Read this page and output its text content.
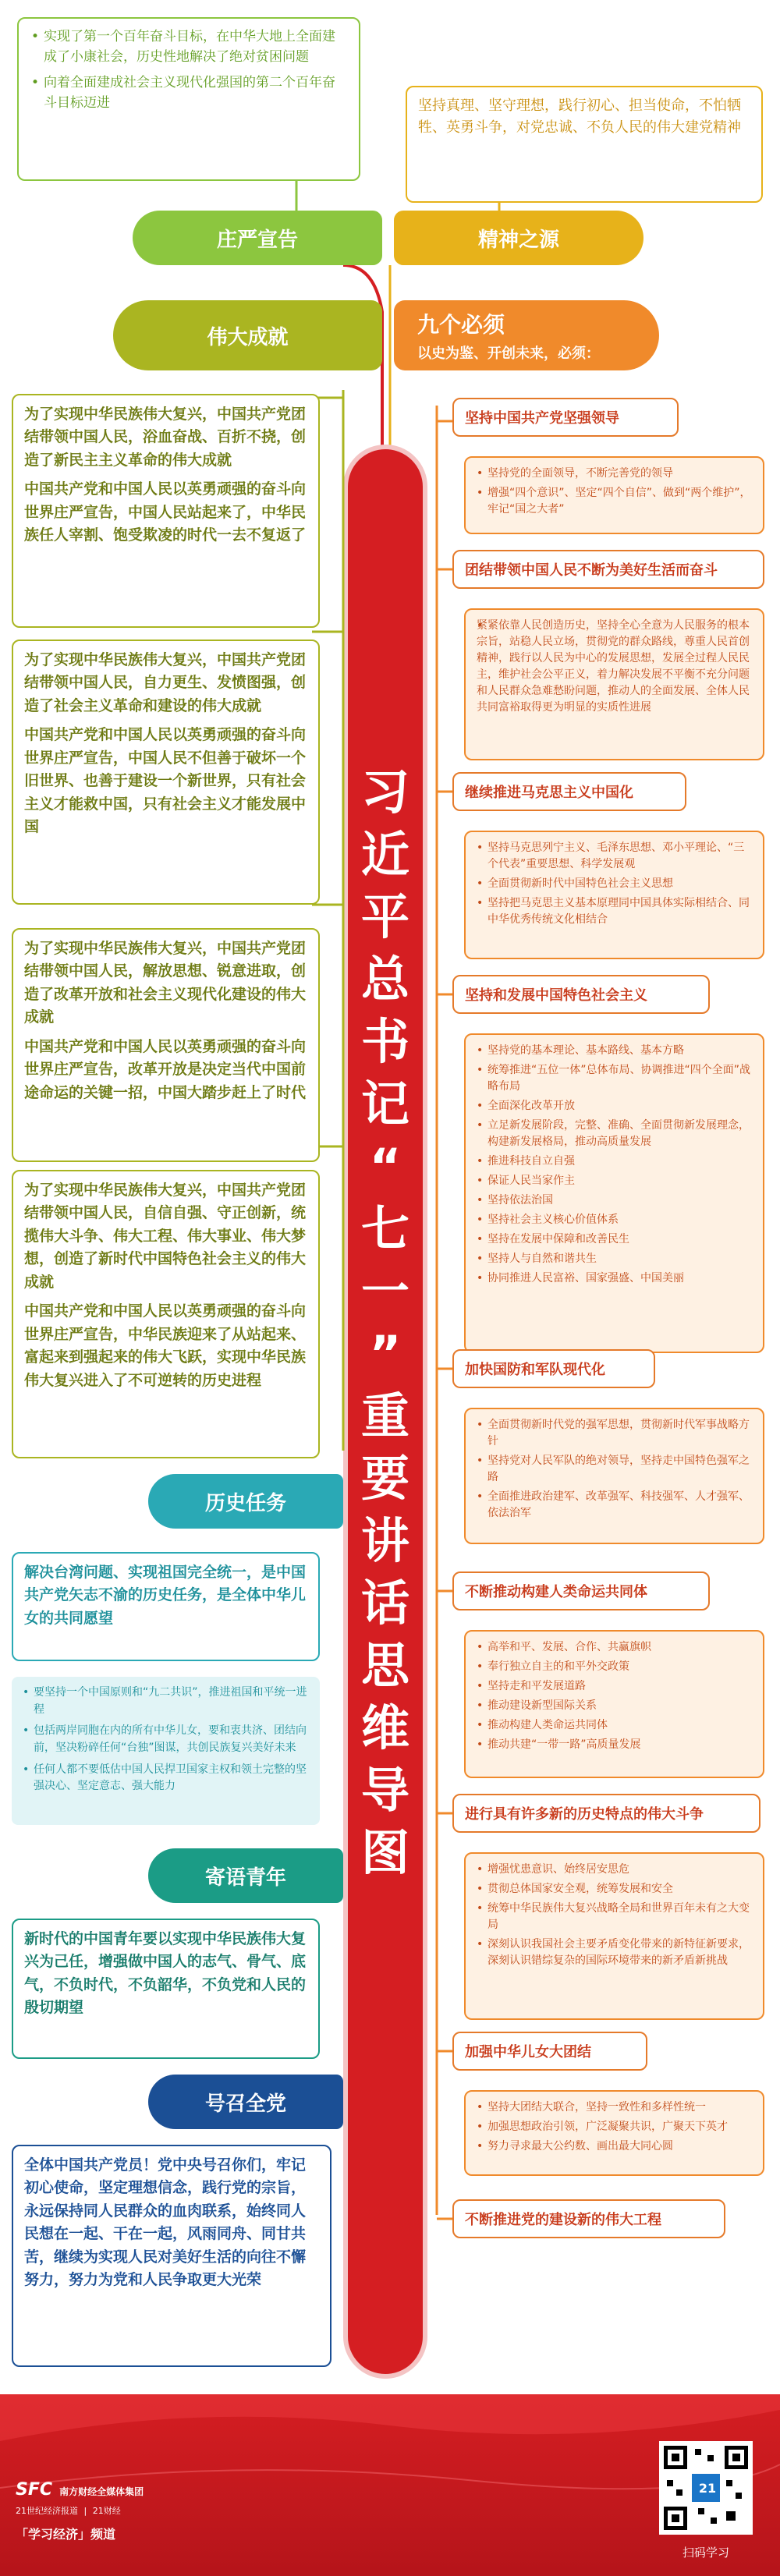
• 实现了第一个百年奋斗目标，在中华大地上全面建成了小康社会，历史性地解决了绝对贫困问题
• 向着全面建成社会主义现代化强国的第二个百年奋斗目标迈进	坚持真理、坚守理想，践行初心、担当使命，不怕牺牲、英勇斗争，对党忠诚、不负人民的伟大建党精神
庄严宣告	精神之源
伟大成就	九个必须
以史为鉴、开创未来，必须：
习
近
平
总
书
记
“
七
一
”
重
要
讲
话
思
维
导
图

为了实现中华民族伟大复兴，中国共产党团结带领中国人民，浴血奋战、百折不挠，创造了新民主主义革命的伟大成就

中国共产党和中国人民以英勇顽强的奋斗向世界庄严宣告，中国人民站起来了，中华民族任人宰割、饱受欺凌的时代一去不复返了

为了实现中华民族伟大复兴，中国共产党团结带领中国人民，自力更生、发愤图强，创造了社会主义革命和建设的伟大成就

中国共产党和中国人民以英勇顽强的奋斗向世界庄严宣告，中国人民不但善于破坏一个旧世界、也善于建设一个新世界，只有社会主义才能救中国，只有社会主义才能发展中国

为了实现中华民族伟大复兴，中国共产党团结带领中国人民，解放思想、锐意进取，创造了改革开放和社会主义现代化建设的伟大成就

中国共产党和中国人民以英勇顽强的奋斗向世界庄严宣告，改革开放是决定当代中国前途命运的关键一招，中国大踏步赶上了时代

为了实现中华民族伟大复兴，中国共产党团结带领中国人民，自信自强、守正创新，统揽伟大斗争、伟大工程、伟大事业、伟大梦想，创造了新时代中国特色社会主义的伟大成就

中国共产党和中国人民以英勇顽强的奋斗向世界庄严宣告，中华民族迎来了从站起来、富起来到强起来的伟大飞跃，实现中华民族伟大复兴进入了不可逆转的历史进程

历史任务
解决台湾问题、实现祖国完全统一，是中国共产党矢志不渝的历史任务，是全体中华儿女的共同愿望
• 要坚持一个中国原则和“九二共识”，推进祖国和平统一进程
• 包括两岸同胞在内的所有中华儿女，要和衷共济、团结向前，坚决粉碎任何“台独”图谋，共创民族复兴美好未来
• 任何人都不要低估中国人民捍卫国家主权和领土完整的坚强决心、坚定意志、强大能力
寄语青年
新时代的中国青年要以实现中华民族伟大复兴为己任，增强做中国人的志气、骨气、底气，不负时代，不负韶华，不负党和人民的殷切期望
号召全党
全体中国共产党员！党中央号召你们，牢记初心使命，坚定理想信念，践行党的宗旨，永远保持同人民群众的血肉联系，始终同人民想在一起、干在一起，风雨同舟、同甘共苦，继续为实现人民对美好生活的向往不懈努力，努力为党和人民争取更大光荣
坚持中国共产党坚强领导
• 坚持党的全面领导，不断完善党的领导
• 增强“四个意识”、坚定“四个自信”、做到“两个维护”，牢记“国之大者”
团结带领中国人民不断为美好生活而奋斗
• 紧紧依靠人民创造历史，坚持全心全意为人民服务的根本宗旨，站稳人民立场，贯彻党的群众路线，尊重人民首创精神，践行以人民为中心的发展思想，发展全过程人民民主，维护社会公平正义，着力解决发展不平衡不充分问题和人民群众急难愁盼问题，推动人的全面发展、全体人民共同富裕取得更为明显的实质性进展
继续推进马克思主义中国化
• 坚持马克思列宁主义、毛泽东思想、邓小平理论、“三个代表”重要思想、科学发展观
• 全面贯彻新时代中国特色社会主义思想
• 坚持把马克思主义基本原理同中国具体实际相结合、同中华优秀传统文化相结合
坚持和发展中国特色社会主义
• 坚持党的基本理论、基本路线、基本方略
• 统筹推进“五位一体”总体布局、协调推进“四个全面”战略布局
• 全面深化改革开放
• 立足新发展阶段，完整、准确、全面贯彻新发展理念，构建新发展格局，推动高质量发展
• 推进科技自立自强
• 保证人民当家作主
• 坚持依法治国
• 坚持社会主义核心价值体系
• 坚持在发展中保障和改善民生
• 坚持人与自然和谐共生
• 协同推进人民富裕、国家强盛、中国美丽
加快国防和军队现代化
• 全面贯彻新时代党的强军思想，贯彻新时代军事战略方针
• 坚持党对人民军队的绝对领导，坚持走中国特色强军之路
• 全面推进政治建军、改革强军、科技强军、人才强军、依法治军
不断推动构建人类命运共同体
• 高举和平、发展、合作、共赢旗帜
• 奉行独立自主的和平外交政策
• 坚持走和平发展道路
• 推动建设新型国际关系
• 推动构建人类命运共同体
• 推动共建“一带一路”高质量发展
进行具有许多新的历史特点的伟大斗争
• 增强忧患意识、始终居安思危
• 贯彻总体国家安全观，统筹发展和安全
• 统筹中华民族伟大复兴战略全局和世界百年未有之大变局
• 深刻认识我国社会主要矛盾变化带来的新特征新要求，深刻认识错综复杂的国际环境带来的新矛盾新挑战
加强中华儿女大团结
• 坚持大团结大联合，坚持一致性和多样性统一
• 加强思想政治引领，广泛凝聚共识，广聚天下英才
• 努力寻求最大公约数、画出最大同心圆
不断推进党的建设新的伟大工程
SFC 南方财经全媒体集团
21世纪经济报道 | 21财经
「学习经济」频道
21
扫码学习
